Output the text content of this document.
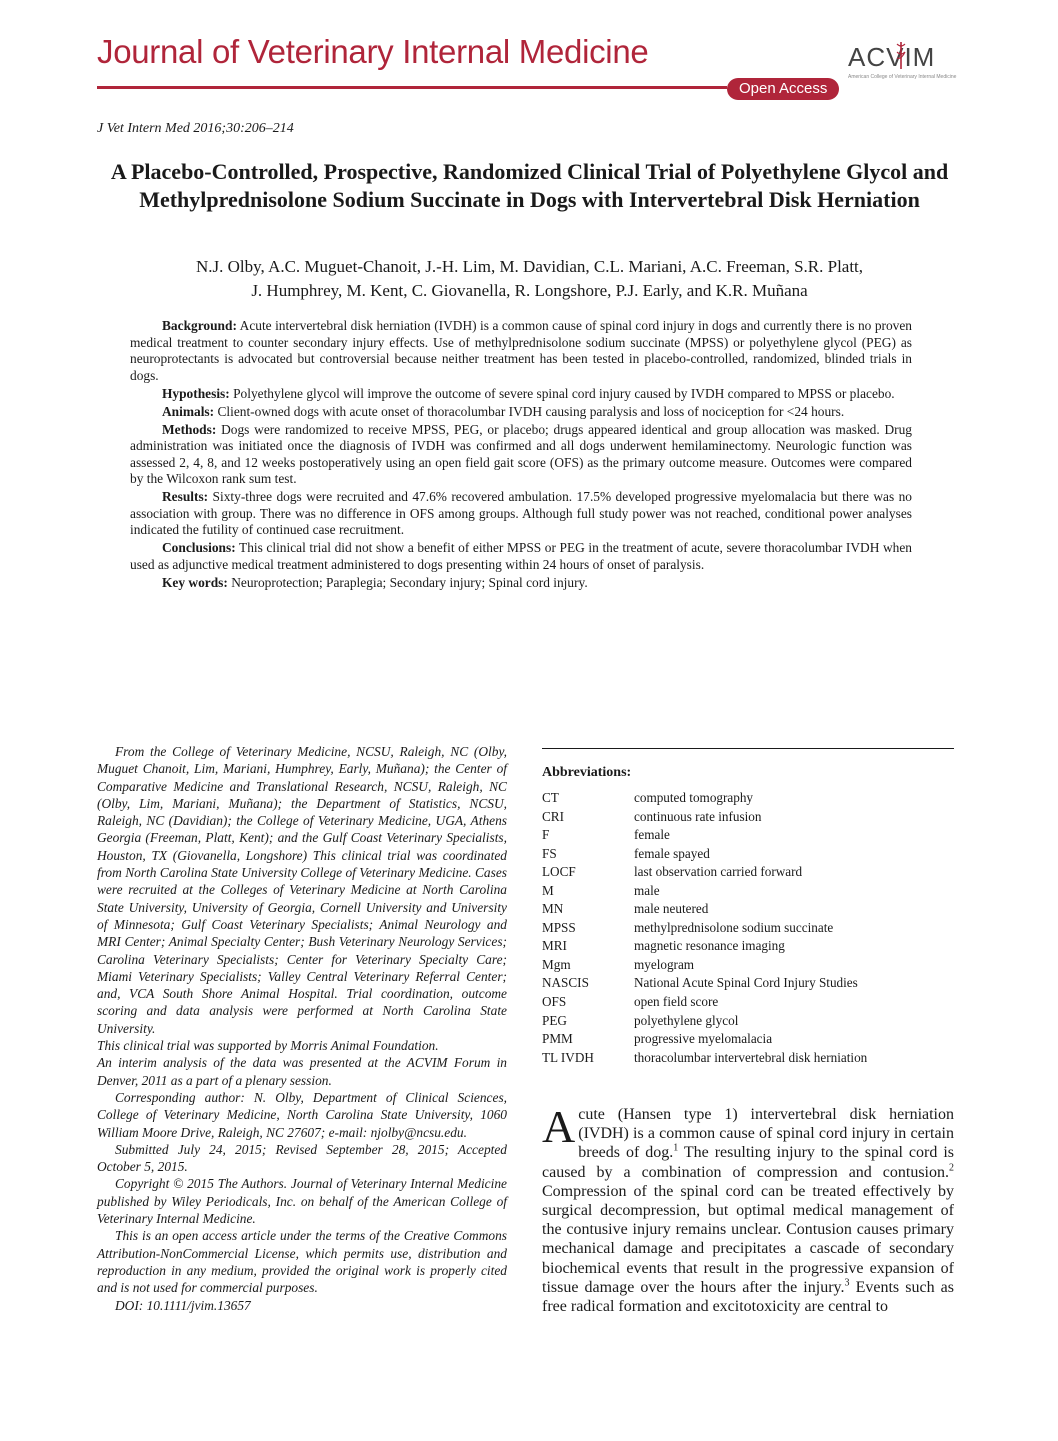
Journal of Veterinary Internal Medicine
Open Access
ACVIM
American College of Veterinary Internal Medicine
J Vet Intern Med 2016;30:206–214
A Placebo-Controlled, Prospective, Randomized Clinical Trial of Polyethylene Glycol and Methylprednisolone Sodium Succinate in Dogs with Intervertebral Disk Herniation
N.J. Olby, A.C. Muguet-Chanoit, J.-H. Lim, M. Davidian, C.L. Mariani, A.C. Freeman, S.R. Platt,
J. Humphrey, M. Kent, C. Giovanella, R. Longshore, P.J. Early, and K.R. Muñana

Background: Acute intervertebral disk herniation (IVDH) is a common cause of spinal cord injury in dogs and currently there is no proven medical treatment to counter secondary injury effects. Use of methylprednisolone sodium succinate (MPSS) or polyethylene glycol (PEG) as neuroprotectants is advocated but controversial because neither treatment has been tested in placebo-controlled, randomized, blinded trials in dogs.

Hypothesis: Polyethylene glycol will improve the outcome of severe spinal cord injury caused by IVDH compared to MPSS or placebo.

Animals: Client-owned dogs with acute onset of thoracolumbar IVDH causing paralysis and loss of nociception for <24 hours.

Methods: Dogs were randomized to receive MPSS, PEG, or placebo; drugs appeared identical and group allocation was masked. Drug administration was initiated once the diagnosis of IVDH was confirmed and all dogs underwent hemilaminectomy. Neurologic function was assessed 2, 4, 8, and 12 weeks postoperatively using an open field gait score (OFS) as the primary outcome measure. Outcomes were compared by the Wilcoxon rank sum test.

Results: Sixty-three dogs were recruited and 47.6% recovered ambulation. 17.5% developed progressive myelomalacia but there was no association with group. There was no difference in OFS among groups. Although full study power was not reached, conditional power analyses indicated the futility of continued case recruitment.

Conclusions: This clinical trial did not show a benefit of either MPSS or PEG in the treatment of acute, severe thoracolumbar IVDH when used as adjunctive medical treatment administered to dogs presenting within 24 hours of onset of paralysis.

Key words: Neuroprotection; Paraplegia; Secondary injury; Spinal cord injury.

From the College of Veterinary Medicine, NCSU, Raleigh, NC (Olby, Muguet Chanoit, Lim, Mariani, Humphrey, Early, Muñana); the Center of Comparative Medicine and Translational Research, NCSU, Raleigh, NC (Olby, Lim, Mariani, Muñana); the Department of Statistics, NCSU, Raleigh, NC (Davidian); the College of Veterinary Medicine, UGA, Athens Georgia (Freeman, Platt, Kent); and the Gulf Coast Veterinary Specialists, Houston, TX (Giovanella, Longshore) This clinical trial was coordinated from North Carolina State University College of Veterinary Medicine. Cases were recruited at the Colleges of Veterinary Medicine at North Carolina State University, University of Georgia, Cornell University and University of Minnesota; Gulf Coast Veterinary Specialists; Animal Neurology and MRI Center; Animal Specialty Center; Bush Veterinary Neurology Services; Carolina Veterinary Specialists; Center for Veterinary Specialty Care; Miami Veterinary Specialists; Valley Central Veterinary Referral Center; and, VCA South Shore Animal Hospital. Trial coordination, outcome scoring and data analysis were performed at North Carolina State University.

This clinical trial was supported by Morris Animal Foundation.

An interim analysis of the data was presented at the ACVIM Forum in Denver, 2011 as a part of a plenary session.

Corresponding author: N. Olby, Department of Clinical Sciences, College of Veterinary Medicine, North Carolina State University, 1060 William Moore Drive, Raleigh, NC 27607; e-mail: njolby@ncsu.edu.

Submitted July 24, 2015; Revised September 28, 2015; Accepted October 5, 2015.

Copyright © 2015 The Authors. Journal of Veterinary Internal Medicine published by Wiley Periodicals, Inc. on behalf of the American College of Veterinary Internal Medicine.

This is an open access article under the terms of the Creative Commons Attribution-NonCommercial License, which permits use, distribution and reproduction in any medium, provided the original work is properly cited and is not used for commercial purposes.

DOI: 10.1111/jvim.13657

Abbreviations:
CT	computed tomography
CRI	continuous rate infusion
F	female
FS	female spayed
LOCF	last observation carried forward
M	male
MN	male neutered
MPSS	methylprednisolone sodium succinate
MRI	magnetic resonance imaging
Mgm	myelogram
NASCIS	National Acute Spinal Cord Injury Studies
OFS	open field score
PEG	polyethylene glycol
PMM	progressive myelomalacia
TL IVDH	thoracolumbar intervertebral disk herniation
Acute (Hansen type 1) intervertebral disk herniation (IVDH) is a common cause of spinal cord injury in certain breeds of dog.$^1$ The resulting injury to the spinal cord is caused by a combination of compression and contusion.$^2$ Compression of the spinal cord can be treated effectively by surgical decompression, but optimal medical management of the contusive injury remains unclear. Contusion causes primary mechanical damage and precipitates a cascade of secondary biochemical events that result in the progressive expansion of tissue damage over the hours after the injury.$^3$ Events such as free radical formation and excitotoxicity are central to
